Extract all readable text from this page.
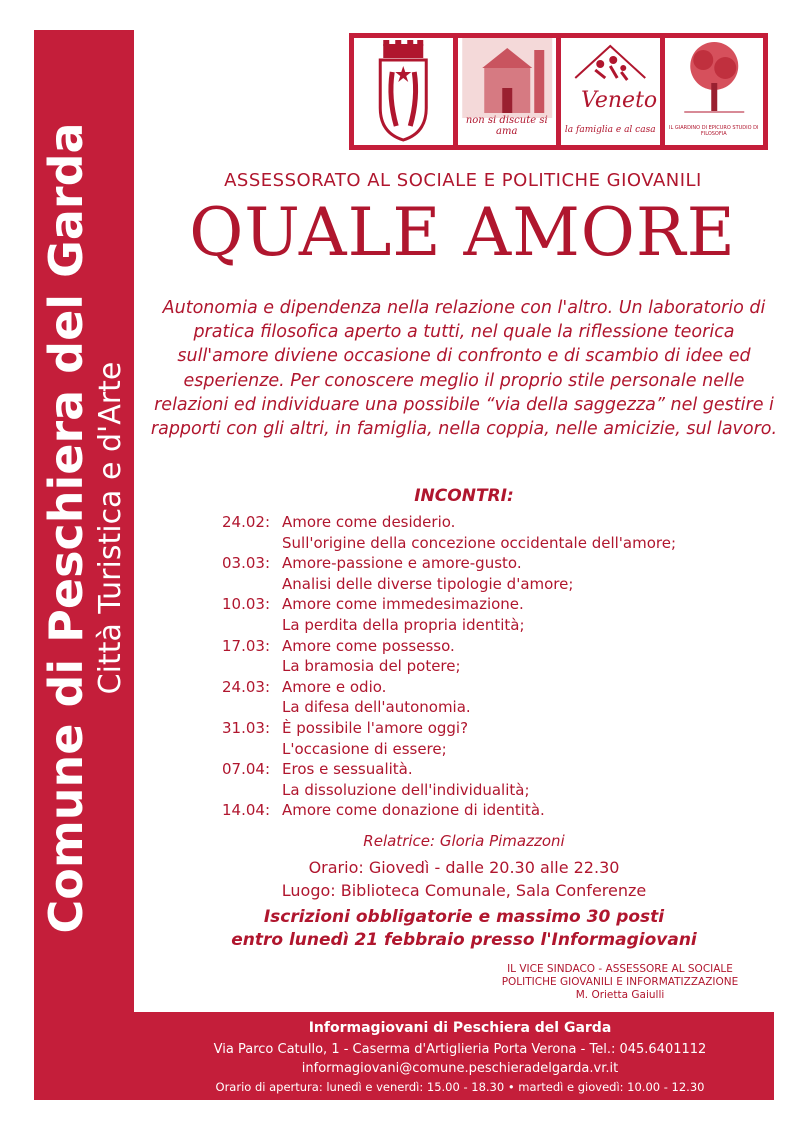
Comune di Peschiera del Garda Città Turistica e d'Arte
non si discute si ama
Veneto
la famiglia e al casa	IL GIARDINO DI EPICURO STUDIO DI FILOSOFIA
ASSESSORATO AL SOCIALE E POLITICHE GIOVANILI
QUALE AMORE
Autonomia e dipendenza nella relazione con l'altro. Un laboratorio di pratica filosofica aperto a tutti, nel quale la riflessione teorica sull'amore diviene occasione di confronto e di scambio di idee ed esperienze. Per conoscere meglio il proprio stile personale nelle relazioni ed individuare una possibile “via della saggezza” nel gestire i rapporti con gli altri, in famiglia, nella coppia, nelle amicizie, sul lavoro.
INCONTRI:
24.02: Amore come desiderio.
Sull'origine della concezione occidentale dell'amore;
03.03: Amore-passione e amore-gusto.
Analisi delle diverse tipologie d'amore;
10.03: Amore come immedesimazione.
La perdita della propria identità;
17.03: Amore come possesso.
La bramosia del potere;
24.03: Amore e odio.
La difesa dell'autonomia.
31.03: È possibile l'amore oggi?
L'occasione di essere;
07.04: Eros e sessualità.
La dissoluzione dell'individualità;
14.04: Amore come donazione di identità.
Relatrice: Gloria Pimazzoni
Orario: Giovedì - dalle 20.30 alle 22.30
Luogo: Biblioteca Comunale, Sala Conferenze
Iscrizioni obbligatorie e massimo 30 posti
entro lunedì 21 febbraio presso l'Informagiovani
IL VICE SINDACO - ASSESSORE AL SOCIALE
POLITICHE GIOVANILI E INFORMATIZZAZIONE
M. Orietta Gaiulli
Informagiovani di Peschiera del Garda
Via Parco Catullo, 1 - Caserma d'Artiglieria Porta Verona - Tel.: 045.6401112
informagiovani@comune.peschieradelgarda.vr.it
Orario di apertura: lunedì e venerdì: 15.00 - 18.30 • martedì e giovedì: 10.00 - 12.30
